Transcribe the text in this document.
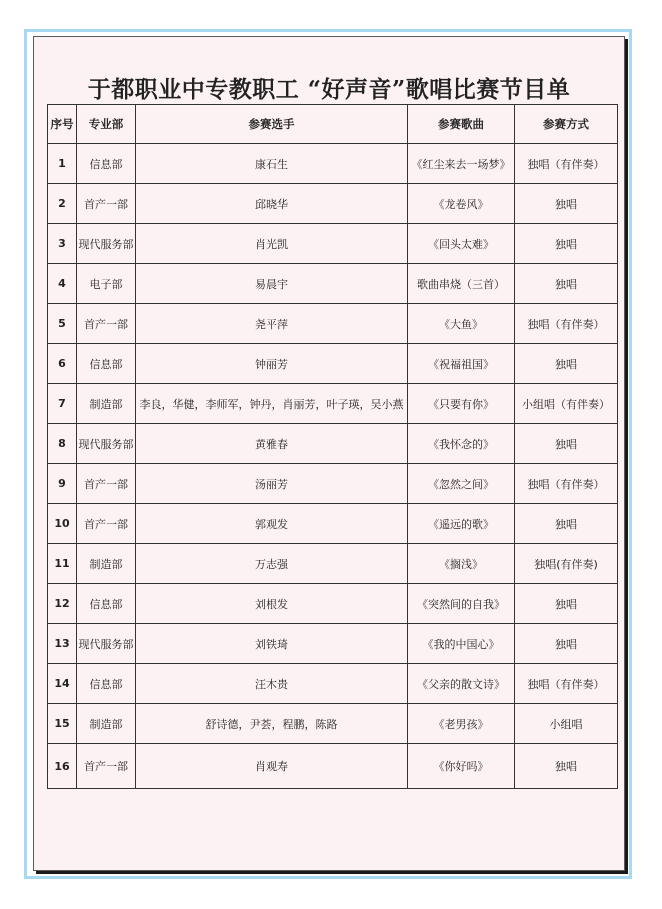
于都职业中专教职工 “好声音”歌唱比赛节目单
序号	专业部	参赛选手	参赛歌曲	参赛方式
1	信息部	康石生	《红尘来去一场梦》	独唱（有伴奏）
2	首产一部	邱晓华	《龙卷风》	独唱
3	现代服务部	肖光凯	《回头太难》	独唱
4	电子部	易晨宇	歌曲串烧（三首）	独唱
5	首产一部	尧平萍	《大鱼》	独唱（有伴奏）
6	信息部	钟丽芳	《祝福祖国》	独唱
7	制造部	李良，华健，李师军，钟丹，肖丽芳，叶子瑛，吴小燕	《只要有你》	小组唱（有伴奏）
8	现代服务部	黄雅春	《我怀念的》	独唱
9	首产一部	汤丽芳	《忽然之间》	独唱（有伴奏）
10	首产一部	郭观发	《遥远的歌》	独唱
11	制造部	万志强	《搁浅》	独唱(有伴奏)
12	信息部	刘根发	《突然间的自我》	独唱
13	现代服务部	刘铁琦	《我的中国心》	独唱
14	信息部	汪木贵	《父亲的散文诗》	独唱（有伴奏）
15	制造部	舒诗德，尹荟，程鹏，陈路	《老男孩》	小组唱
16	首产一部	肖观寿	《你好吗》	独唱
